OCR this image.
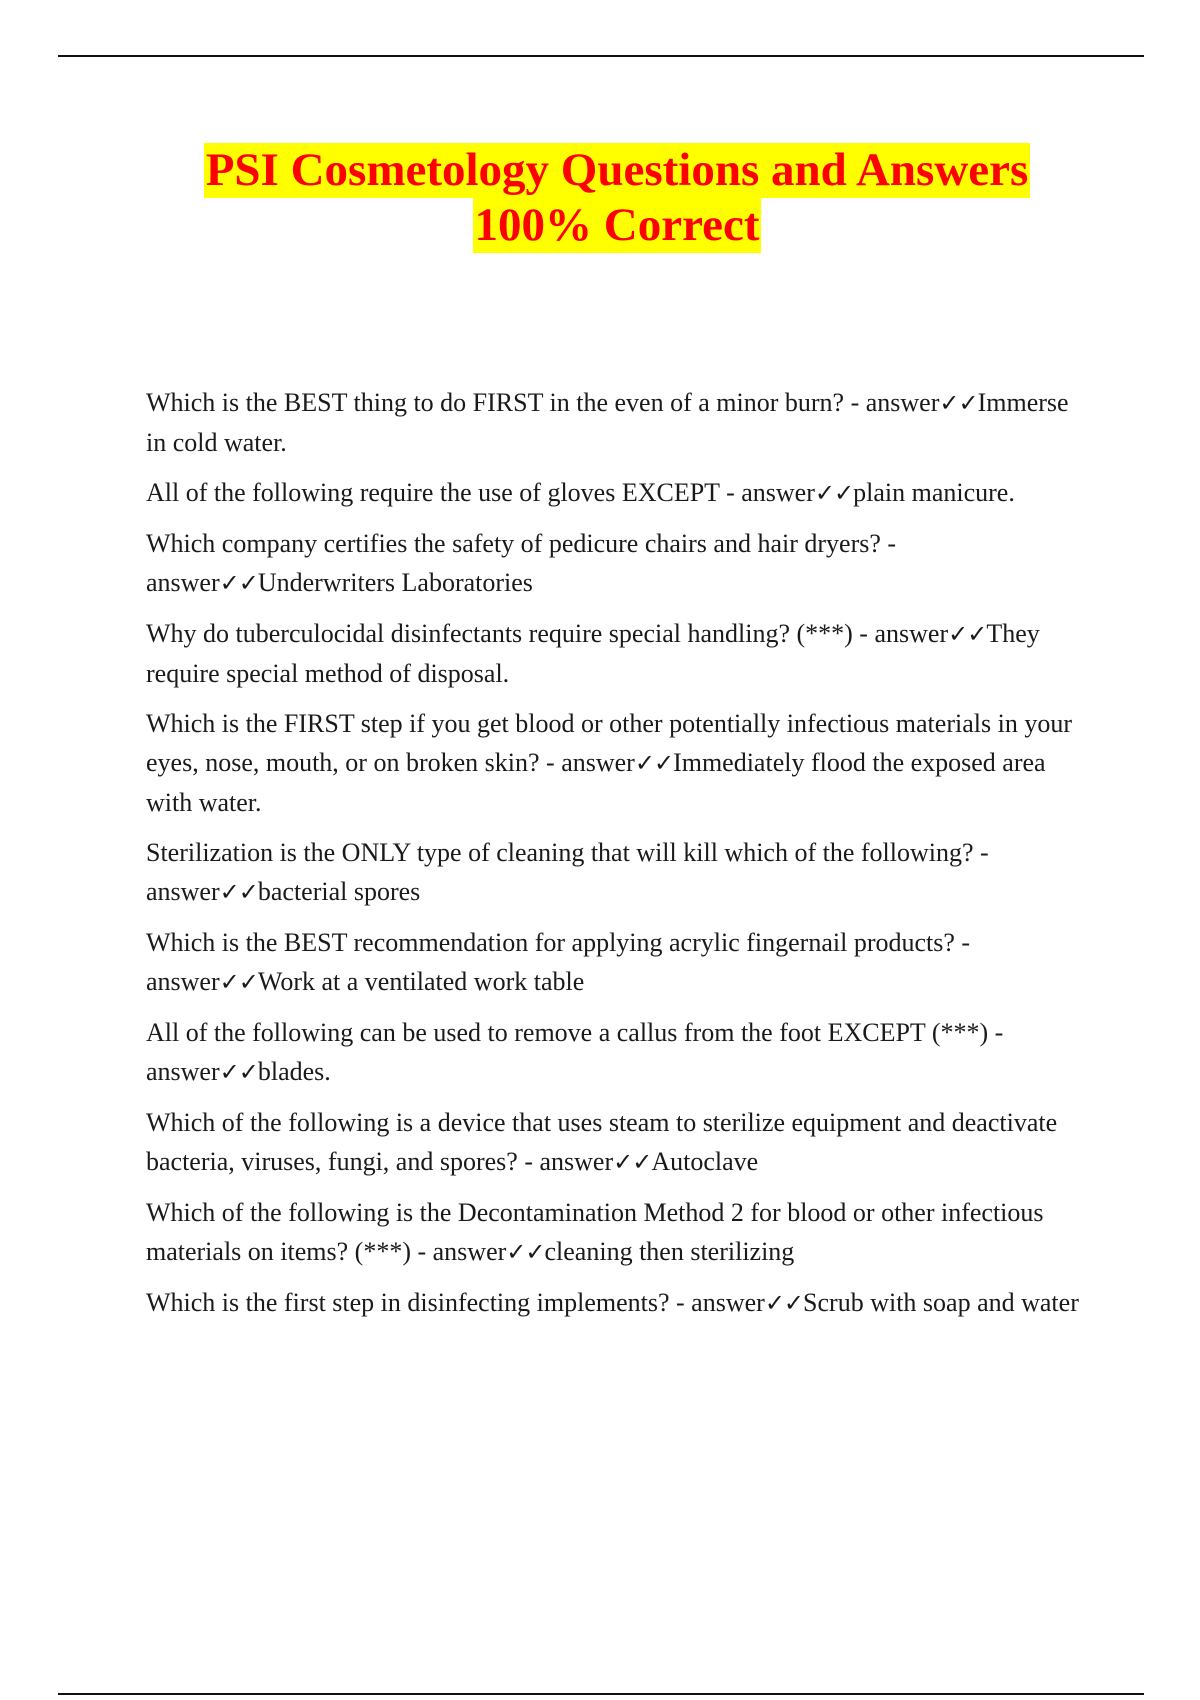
PSI Cosmetology Questions and Answers
100% Correct
Which is the BEST thing to do FIRST in the even of a minor burn? - answer✓✓Immerse in cold water.
All of the following require the use of gloves EXCEPT - answer✓✓plain manicure.
Which company certifies the safety of pedicure chairs and hair dryers? - answer✓✓Underwriters Laboratories
Why do tuberculocidal disinfectants require special handling? (***) - answer✓✓They require special method of disposal.
Which is the FIRST step if you get blood or other potentially infectious materials in your eyes, nose, mouth, or on broken skin? - answer✓✓Immediately flood the exposed area with water.
Sterilization is the ONLY type of cleaning that will kill which of the following? - answer✓✓bacterial spores
Which is the BEST recommendation for applying acrylic fingernail products? - answer✓✓Work at a ventilated work table
All of the following can be used to remove a callus from the foot EXCEPT (***) - answer✓✓blades.
Which of the following is a device that uses steam to sterilize equipment and deactivate bacteria, viruses, fungi, and spores? - answer✓✓Autoclave
Which of the following is the Decontamination Method 2 for blood or other infectious materials on items? (***) - answer✓✓cleaning then sterilizing
Which is the first step in disinfecting implements? - answer✓✓Scrub with soap and water
